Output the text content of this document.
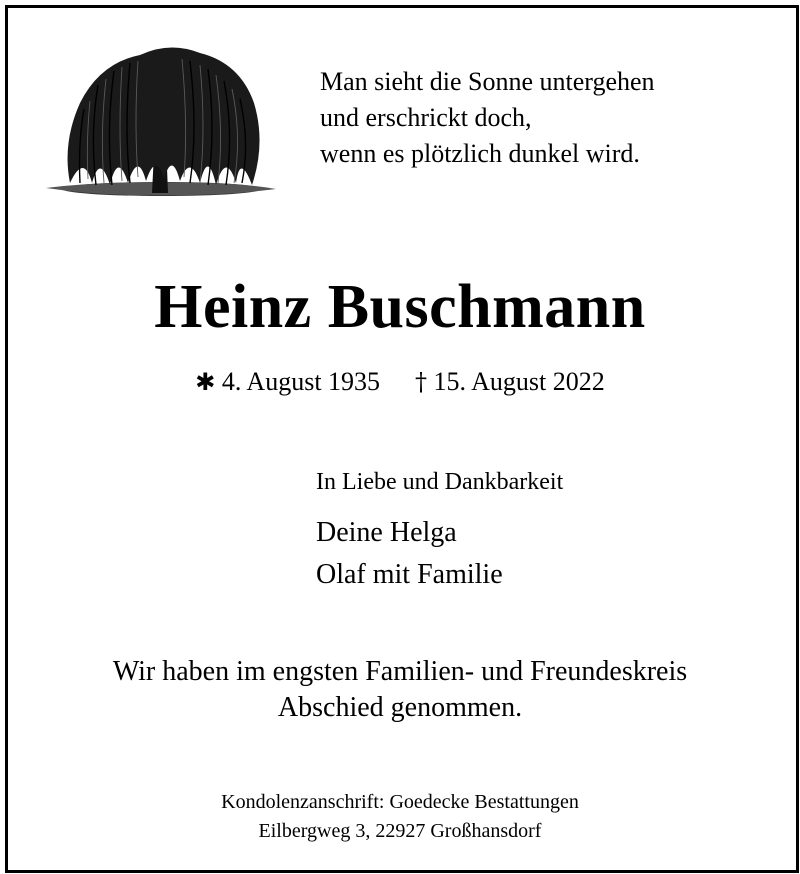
Man sieht die Sonne untergehen
und erschrickt doch,
wenn es plötzlich dunkel wird.
Heinz Buschmann
✱ 4. August 1935 † 15. August 2022
In Liebe und Dankbarkeit
Deine Helga
Olaf mit Familie
Wir haben im engsten Familien- und Freundeskreis
Abschied genommen.
Kondolenzanschrift: Goedecke Bestattungen
Eilbergweg 3, 22927 Großhansdorf
